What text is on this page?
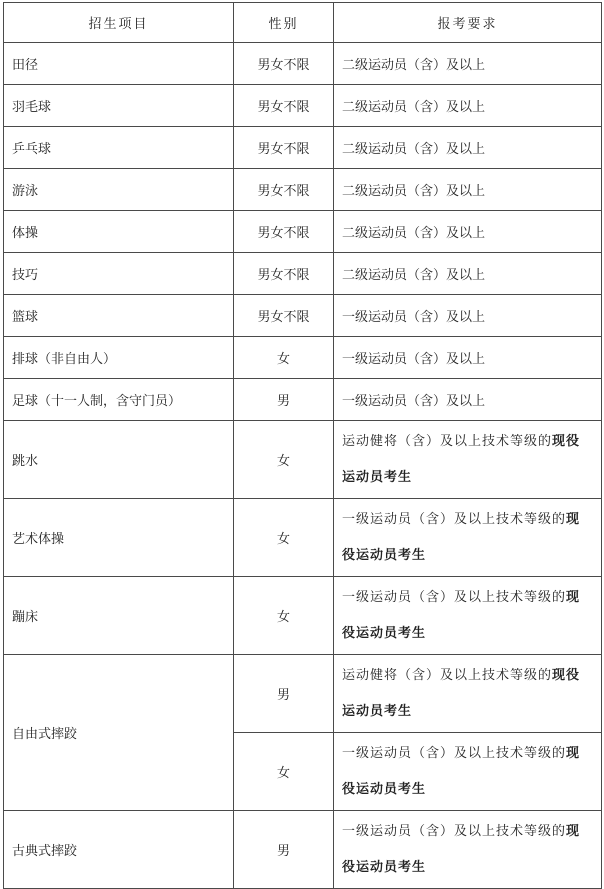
招生项目	性别	报考要求
田径	男女不限	二级运动员（含）及以上
羽毛球	男女不限	二级运动员（含）及以上
乒乓球	男女不限	二级运动员（含）及以上
游泳	男女不限	二级运动员（含）及以上
体操	男女不限	二级运动员（含）及以上
技巧	男女不限	二级运动员（含）及以上
篮球	男女不限	一级运动员（含）及以上
排球（非自由人）	女	一级运动员（含）及以上
足球（十一人制，含守门员）	男	一级运动员（含）及以上
跳水	女	运动健将（含）及以上技术等级的现役运动员考生
艺术体操	女	一级运动员（含）及以上技术等级的现役运动员考生
蹦床	女	一级运动员（含）及以上技术等级的现役运动员考生
自由式摔跤	男	运动健将（含）及以上技术等级的现役运动员考生
	女	一级运动员（含）及以上技术等级的现役运动员考生
古典式摔跤	男	一级运动员（含）及以上技术等级的现役运动员考生
